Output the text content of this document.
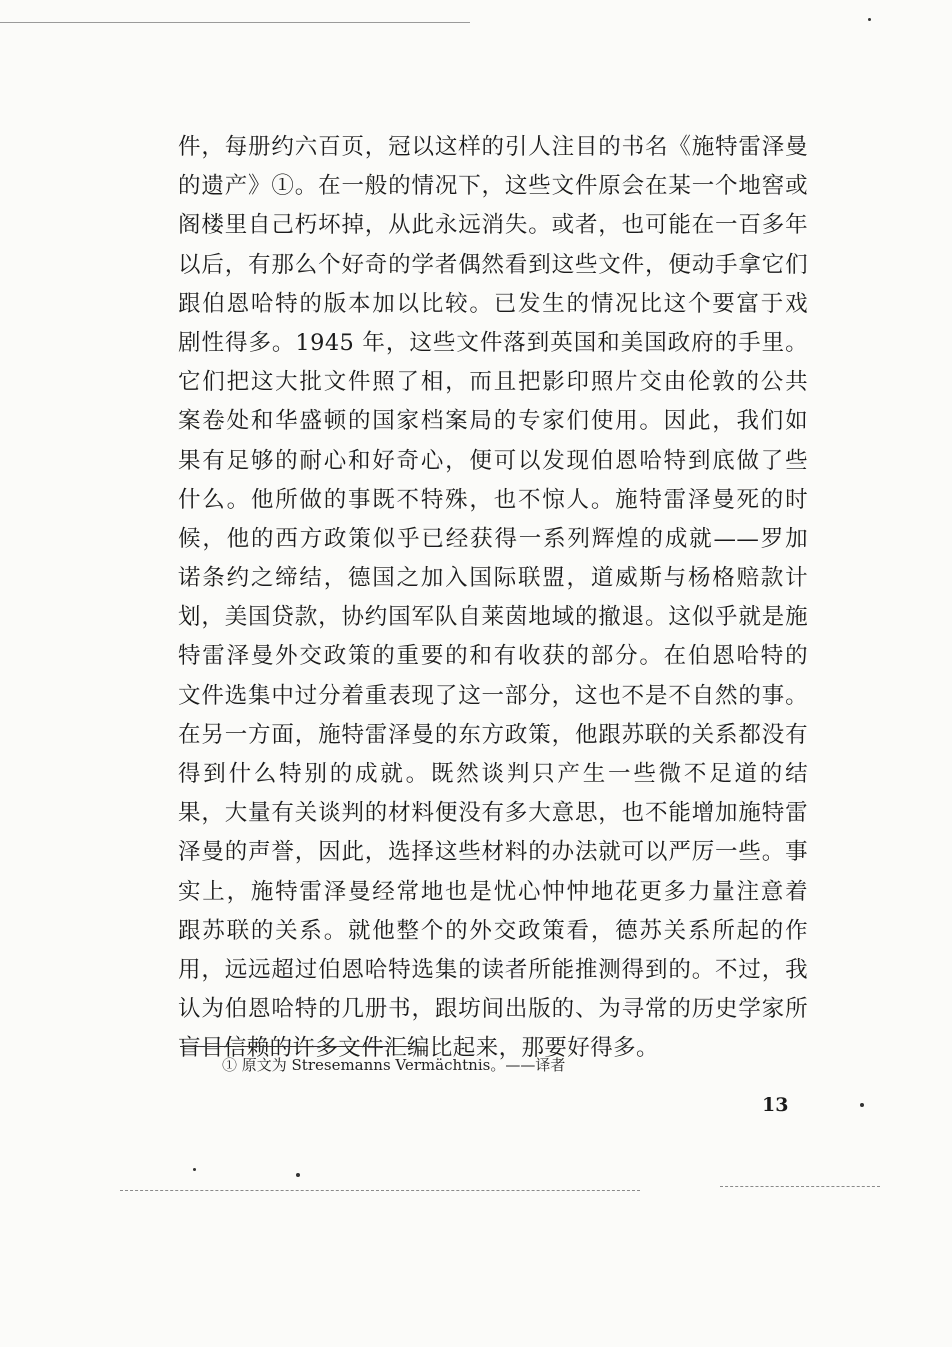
件，每册约六百页，冠以这样的引人注目的书名《施特雷泽曼
的遗产》①。在一般的情况下，这些文件原会在某一个地窖或
阁楼里自己朽坏掉，从此永远消失。或者，也可能在一百多年
以后，有那么个好奇的学者偶然看到这些文件，便动手拿它们
跟伯恩哈特的版本加以比较。已发生的情况比这个要富于戏
剧性得多。1945 年，这些文件落到英国和美国政府的手里。
它们把这大批文件照了相，而且把影印照片交由伦敦的公共
案卷处和华盛顿的国家档案局的专家们使用。因此，我们如
果有足够的耐心和好奇心，便可以发现伯恩哈特到底做了些
什么。他所做的事既不特殊，也不惊人。施特雷泽曼死的时
候，他的西方政策似乎已经获得一系列辉煌的成就——罗加
诺条约之缔结，德国之加入国际联盟，道威斯与杨格赔款计
划，美国贷款，协约国军队自莱茵地域的撤退。这似乎就是施
特雷泽曼外交政策的重要的和有收获的部分。在伯恩哈特的
文件选集中过分着重表现了这一部分，这也不是不自然的事。
在另一方面，施特雷泽曼的东方政策，他跟苏联的关系都没有
得到什么特别的成就。既然谈判只产生一些微不足道的结
果，大量有关谈判的材料便没有多大意思，也不能增加施特雷
泽曼的声誉，因此，选择这些材料的办法就可以严厉一些。事
实上，施特雷泽曼经常地也是忧心忡忡地花更多力量注意着
跟苏联的关系。就他整个的外交政策看，德苏关系所起的作
用，远远超过伯恩哈特选集的读者所能推测得到的。不过，我
认为伯恩哈特的几册书，跟坊间出版的、为寻常的历史学家所
盲目信赖的许多文件汇编比起来，那要好得多。
① 原文为 Stresemanns Vermächtnis。——译者
13
